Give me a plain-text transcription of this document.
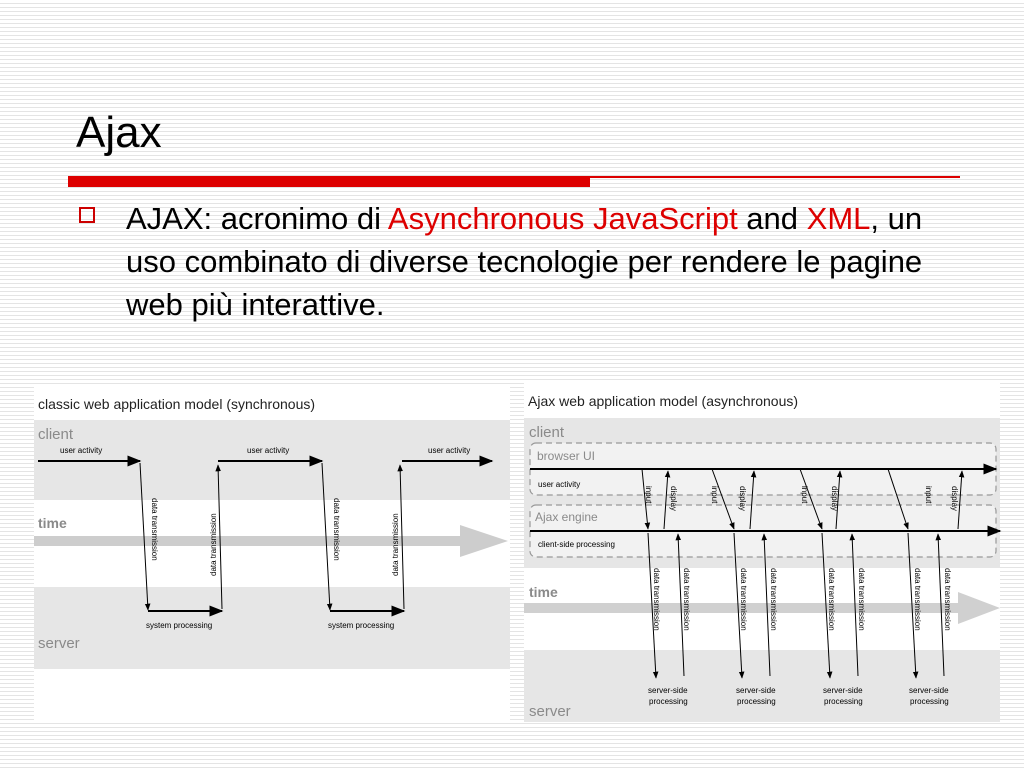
Ajax
AJAX: acronimo di Asynchronous JavaScript and XML, un uso combinato di diverse tecnologie per rendere le pagine web più interattive.
classic web application model (synchronous)
client
time
server
user activity	user activity	user activity
data transmission	data transmission
system processing	system processing
data transmission	data transmission
Ajax web application model (asynchronous)
client
browser UI
user activity
Ajax engine
client-side processing
time
server
input display
data transmission	data transmission
server-side
processing
input display
data transmission	data transmission
server-side
processing
input	display
data transmission	data transmission
server-side
processing
input display
data transmission	data transmission
server-side
processing
